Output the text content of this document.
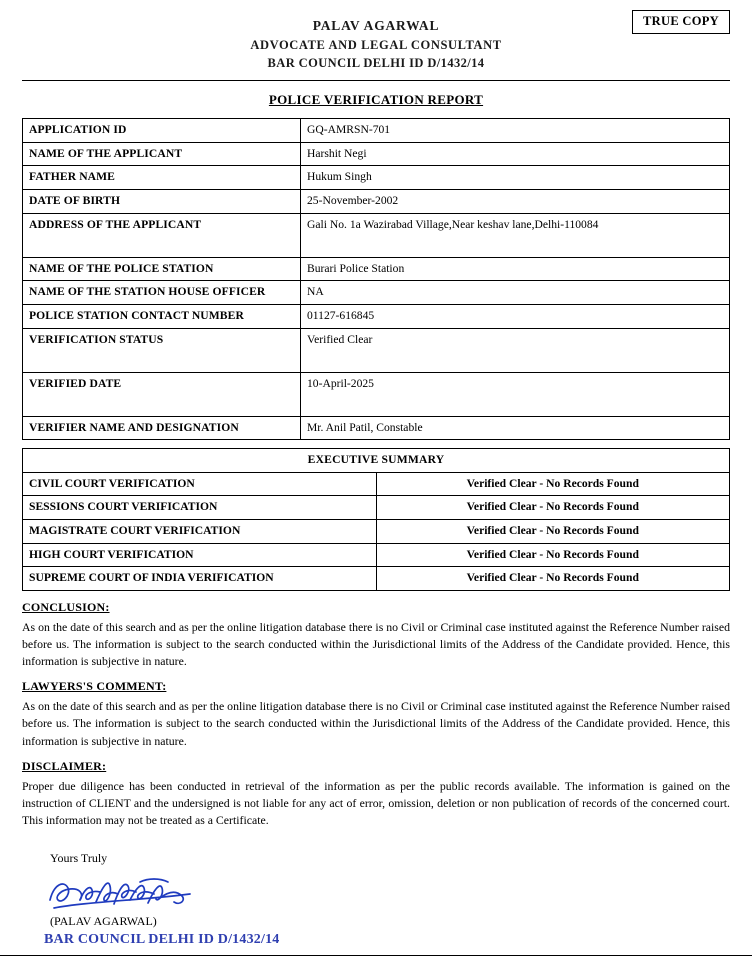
TRUE COPY
PALAV AGARWAL
ADVOCATE AND LEGAL CONSULTANT
BAR COUNCIL DELHI ID D/1432/14
POLICE VERIFICATION REPORT
APPLICATION ID	GQ-AMRSN-701
NAME OF THE APPLICANT	Harshit Negi
FATHER NAME	Hukum Singh
DATE OF BIRTH	25-November-2002
ADDRESS OF THE APPLICANT	Gali No. 1a Wazirabad Village,Near keshav lane,Delhi-110084
NAME OF THE POLICE STATION	Burari Police Station
NAME OF THE STATION HOUSE OFFICER	NA
POLICE STATION CONTACT NUMBER	01127-616845
VERIFICATION STATUS	Verified Clear
VERIFIED DATE	10-April-2025
VERIFIER NAME AND DESIGNATION	Mr. Anil Patil, Constable
EXECUTIVE SUMMARY	
CIVIL COURT VERIFICATION	Verified Clear - No Records Found
SESSIONS COURT VERIFICATION	Verified Clear - No Records Found
MAGISTRATE COURT VERIFICATION	Verified Clear - No Records Found
HIGH COURT VERIFICATION	Verified Clear - No Records Found
SUPREME COURT OF INDIA VERIFICATION	Verified Clear - No Records Found
CONCLUSION:

As on the date of this search and as per the online litigation database there is no Civil or Criminal case instituted against the Reference Number raised before us. The information is subject to the search conducted within the Jurisdictional limits of the Address of the Candidate provided. Hence, this information is subjective in nature.

LAWYERS'S COMMENT:

As on the date of this search and as per the online litigation database there is no Civil or Criminal case instituted against the Reference Number raised before us. The information is subject to the search conducted within the Jurisdictional limits of the Address of the Candidate provided. Hence, this information is subjective in nature.

DISCLAIMER:

Proper due diligence has been conducted in retrieval of the information as per the public records available. The information is gained on the instruction of CLIENT and the undersigned is not liable for any act of error, omission, deletion or non publication of records of the concerned court. This information may not be treated as a Certificate.

Yours Truly
(PALAV AGARWAL)
BAR COUNCIL DELHI ID D/1432/14
